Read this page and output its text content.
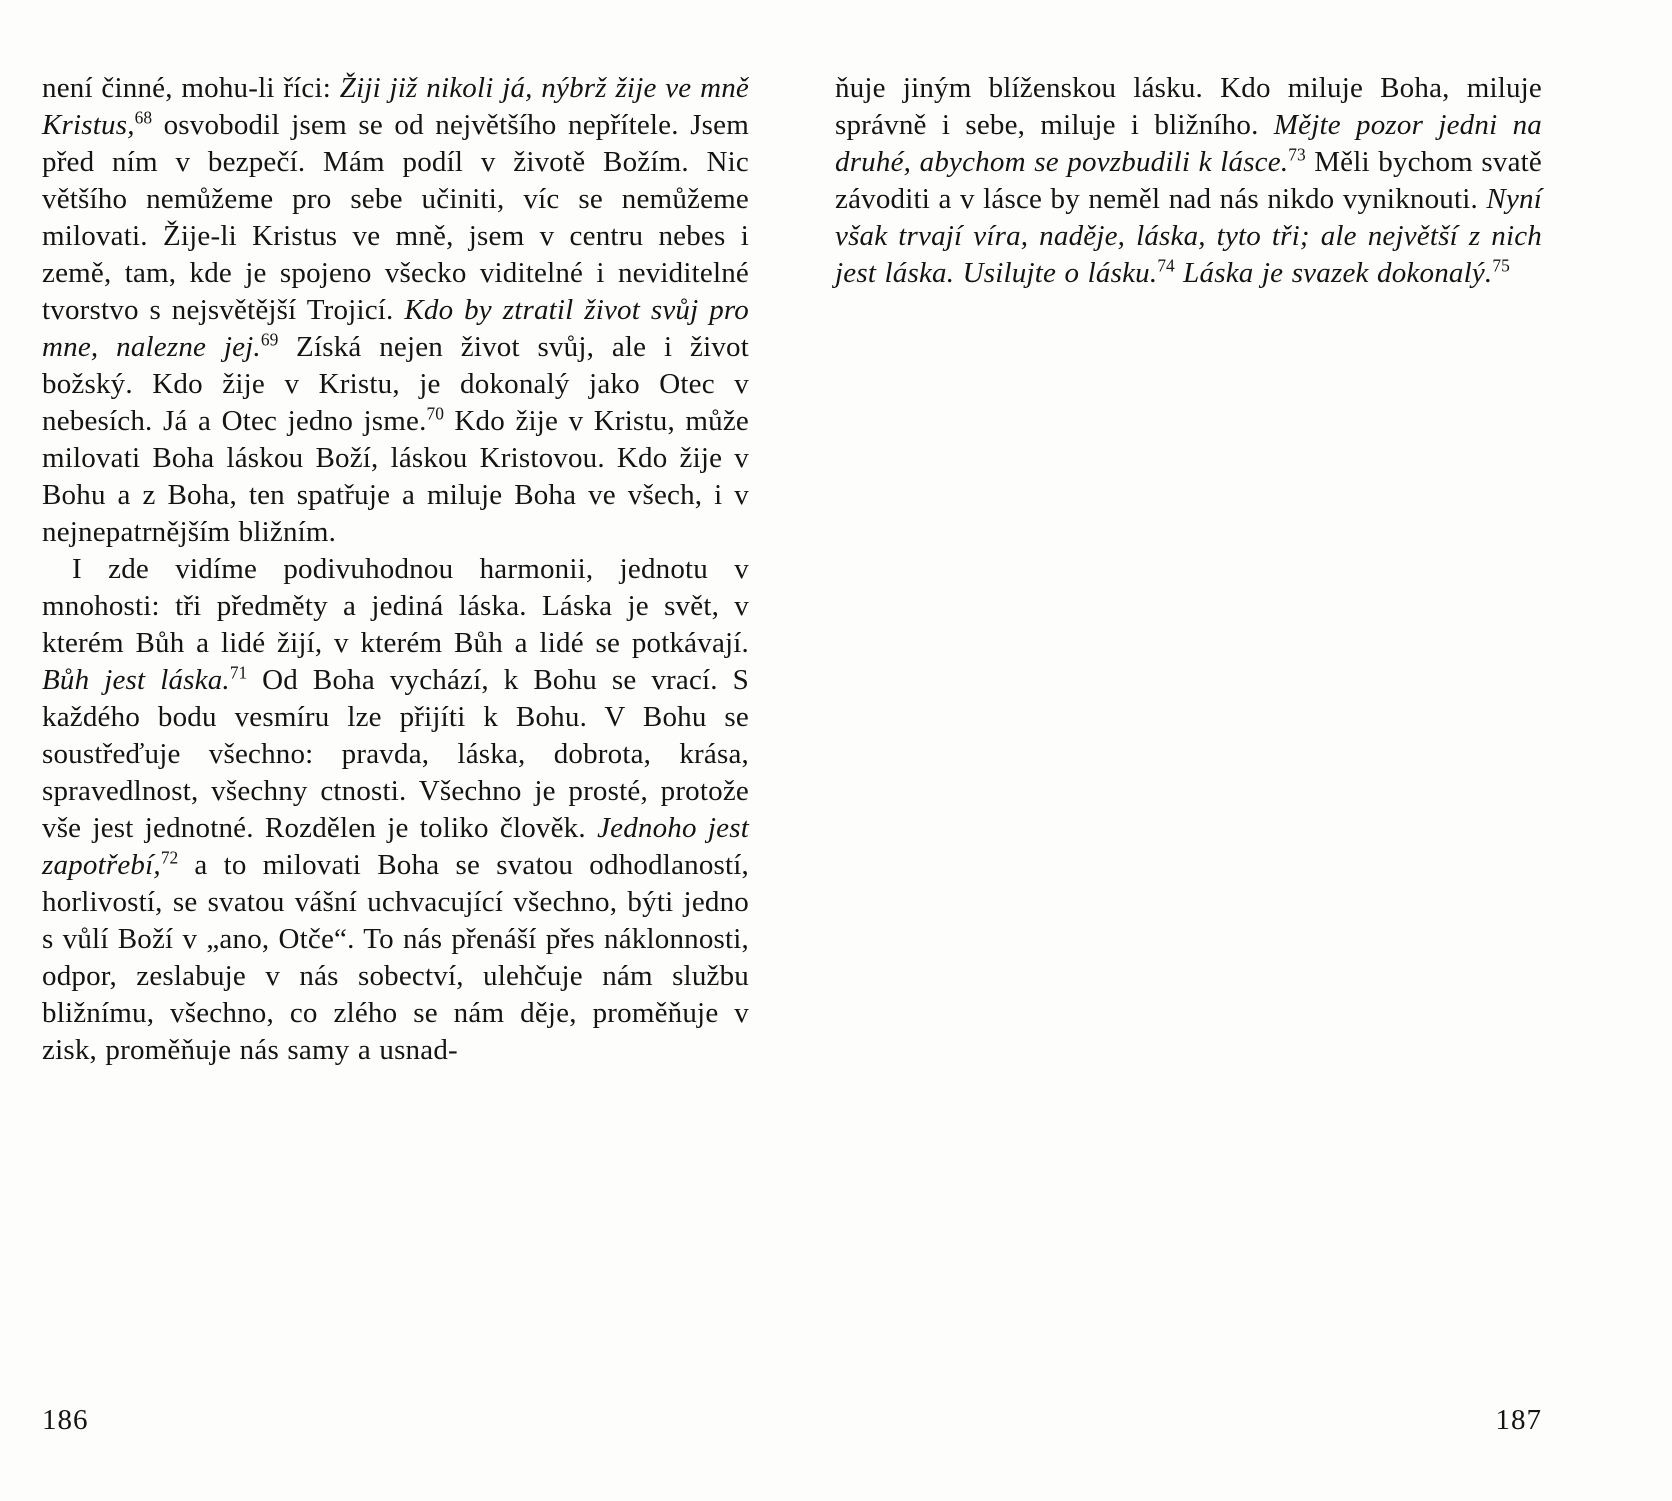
není činné, mohu-li říci: Žiji již nikoli já, nýbrž žije ve mně Kristus,$^{68}$ osvobodil jsem se od největšího nepřítele. Jsem před ním v bezpečí. Mám podíl v životě Božím. Nic většího nemůžeme pro sebe učiniti, víc se nemůžeme milovati. Žije-li Kristus ve mně, jsem v centru nebes i země, tam, kde je spojeno všecko viditelné i neviditelné tvorstvo s nejsvětější Trojicí. Kdo by ztratil život svůj pro mne, nalezne jej.$^{69}$ Získá nejen život svůj, ale i život božský. Kdo žije v Kristu, je dokonalý jako Otec v nebesích. Já a Otec jedno jsme.$^{70}$ Kdo žije v Kristu, může milovati Boha láskou Boží, láskou Kristovou. Kdo žije v Bohu a z Boha, ten spatřuje a miluje Boha ve všech, i v nejnepatrnějším bližním.

I zde vidíme podivuhodnou harmonii, jednotu v mnohosti: tři předměty a jediná láska. Láska je svět, v kterém Bůh a lidé žijí, v kterém Bůh a lidé se potkávají. Bůh jest láska.$^{71}$ Od Boha vychází, k Bohu se vrací. S každého bodu vesmíru lze přijíti k Bohu. V Bohu se soustřeďuje všechno: pravda, láska, dobrota, krása, spravedlnost, všechny ctnosti. Všechno je prosté, protože vše jest jednotné. Rozdělen je toliko člověk. Jednoho jest zapotřebí,$^{72}$ a to milovati Boha se svatou odhodlaností, horlivostí, se svatou vášní uchvacující všechno, býti jedno s vůlí Boží v „ano, Otče“. To nás přenáší přes náklonnosti, odpor, zeslabuje v nás sobectví, ulehčuje nám službu bližnímu, všechno, co zlého se nám děje, proměňuje v zisk, proměňuje nás samy a usnad-

186

ňuje jiným blíženskou lásku. Kdo miluje Boha, miluje správně i sebe, miluje i bližního. Mějte pozor jedni na druhé, abychom se povzbudili k lásce.$^{73}$ Měli bychom svatě závoditi a v lásce by neměl nad nás nikdo vyniknouti. Nyní však trvají víra, naděje, láska, tyto tři; ale největší z nich jest láska. Usilujte o lásku.$^{74}$ Láska je svazek dokonalý.$^{75}$

187
